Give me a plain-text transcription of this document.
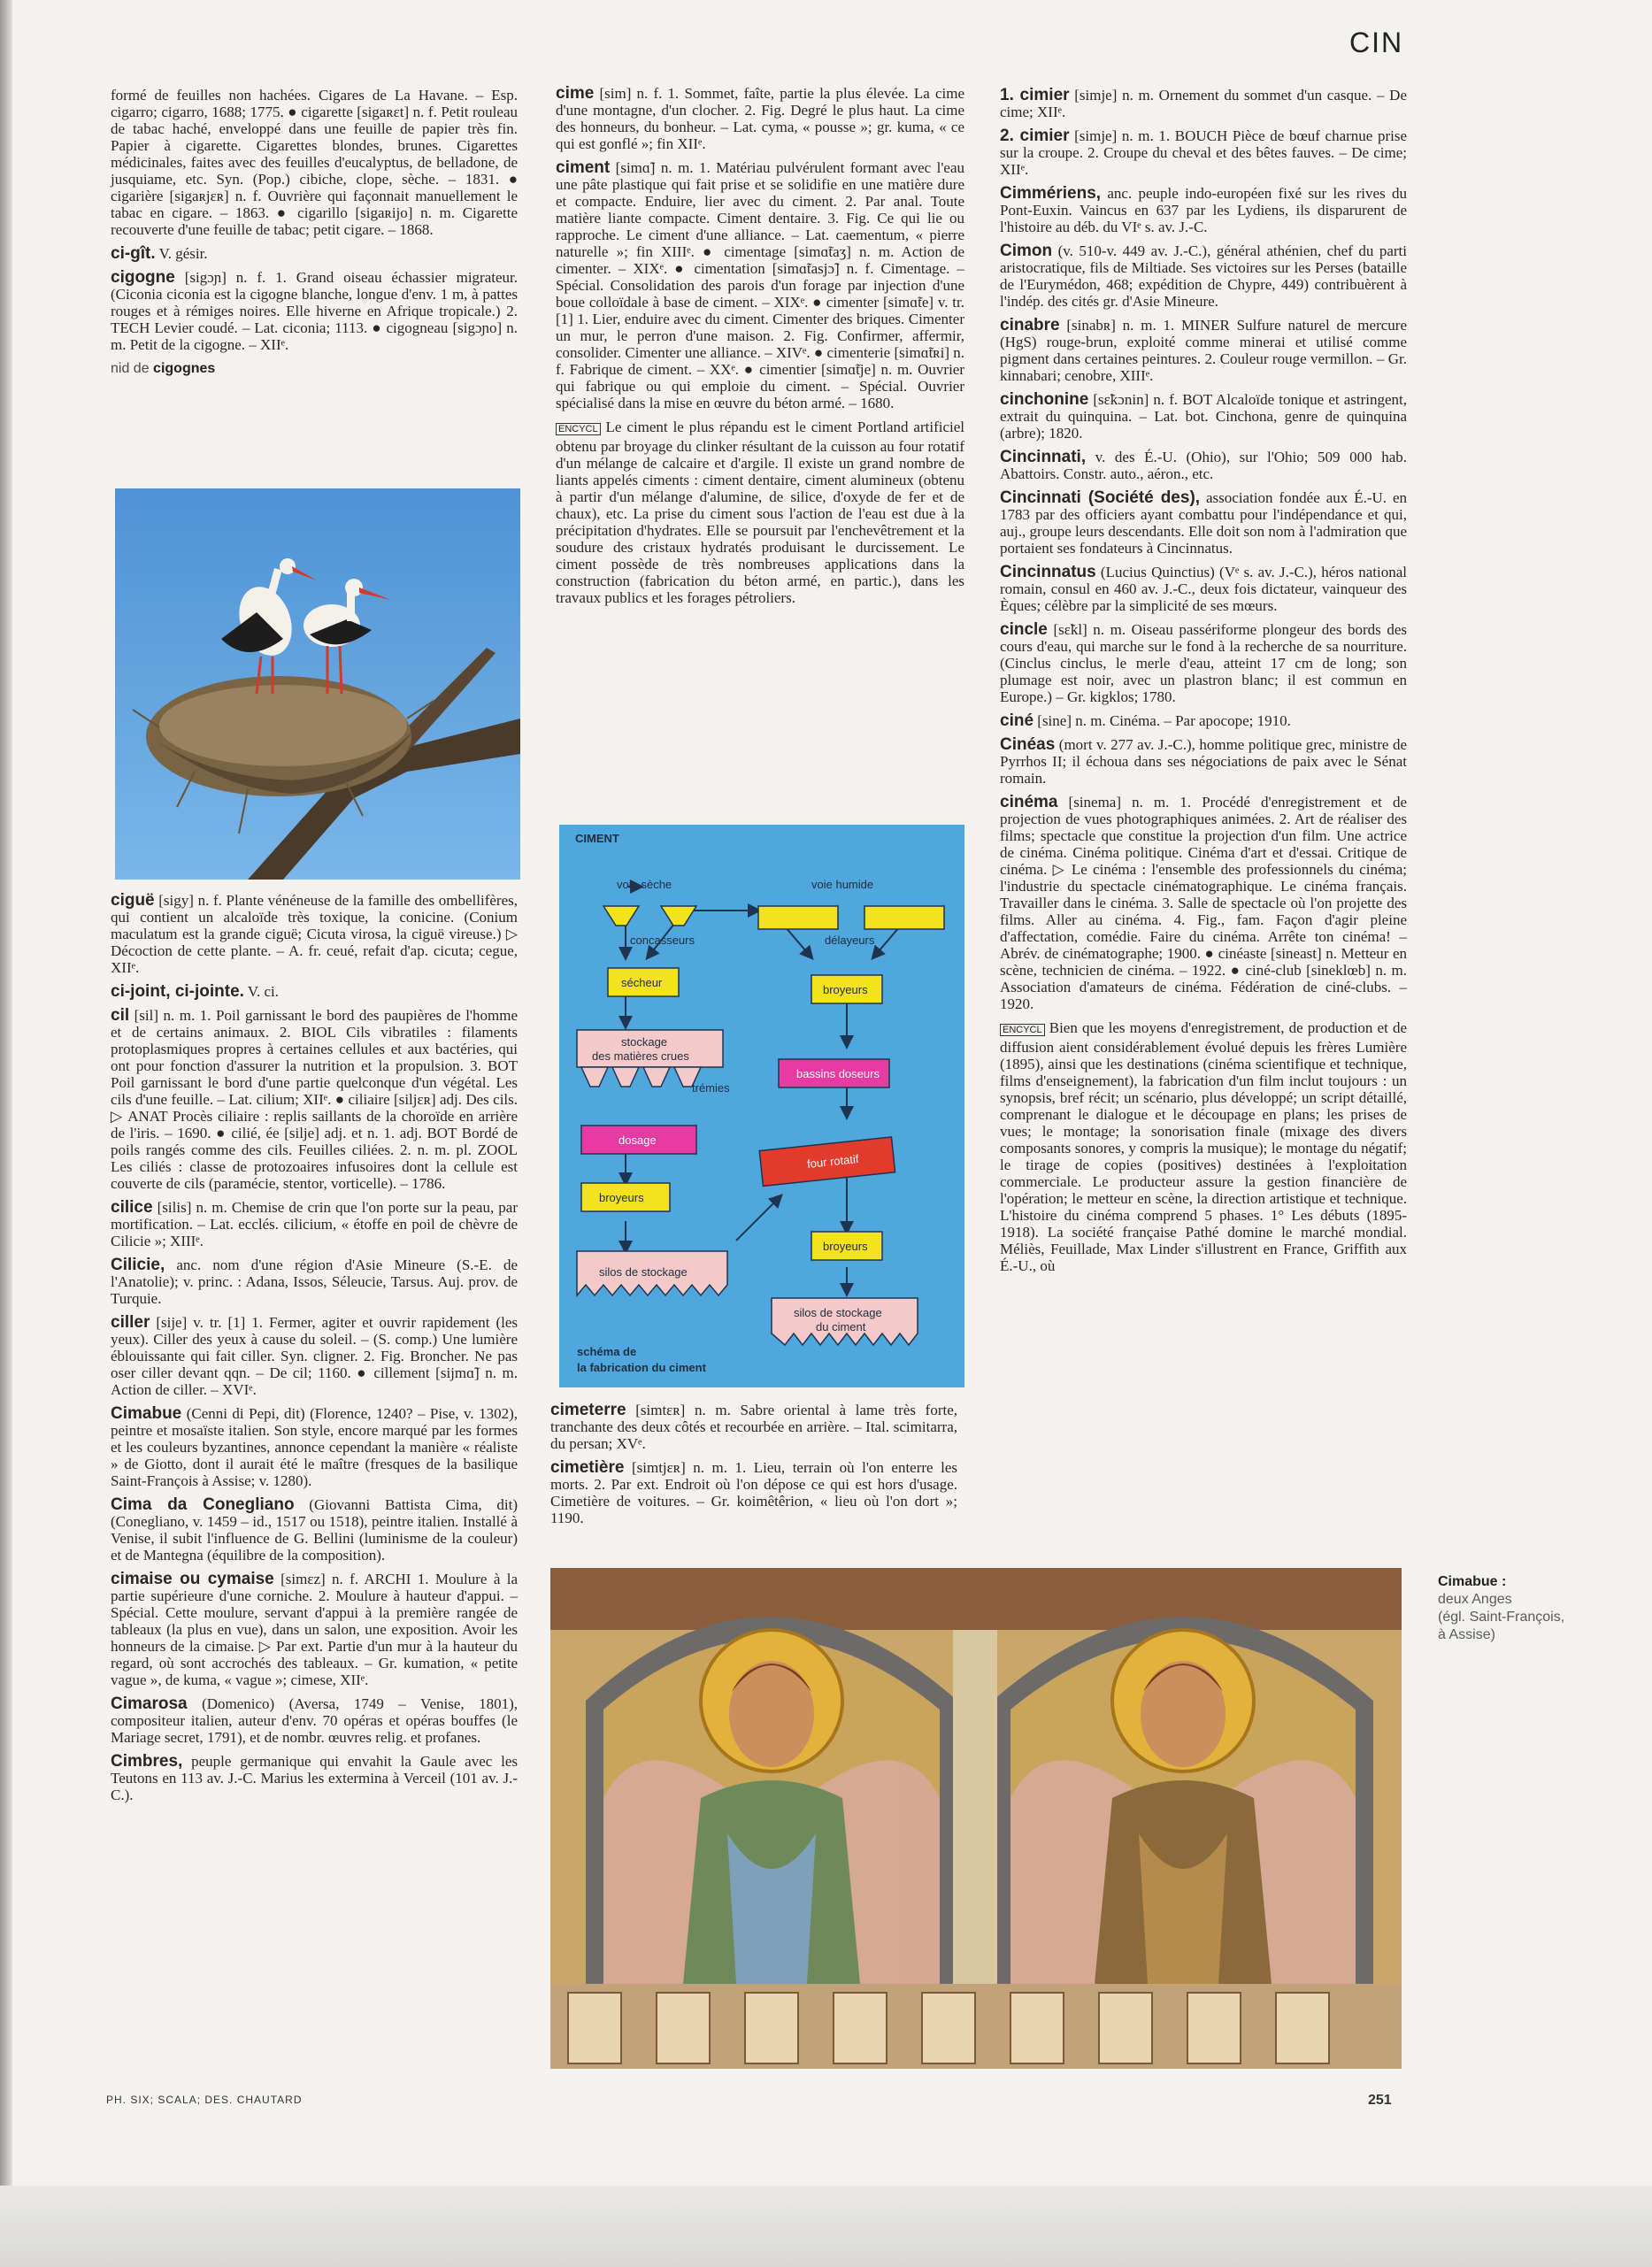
CIN

formé de feuilles non hachées. Cigares de La Havane. – Esp. cigarro; cigarro, 1688; 1775. ● cigarette [sigaʀɛt] n. f. Petit rouleau de tabac haché, enveloppé dans une feuille de papier très fin. Papier à cigarette. Cigarettes blondes, brunes. Cigarettes médicinales, faites avec des feuilles d'eucalyptus, de belladone, de jusquiame, etc. Syn. (Pop.) cibiche, clope, sèche. – 1831. ● cigarière [sigaʀjɛʀ] n. f. Ouvrière qui façonnait manuellement le tabac en cigare. – 1863. ● cigarillo [sigaʀijo] n. m. Cigarette recouverte d'une feuille de tabac; petit cigare. – 1868.

ci-gît. V. gésir.

cigogne [sigɔɲ] n. f. 1. Grand oiseau échassier migrateur. (Ciconia ciconia est la cigogne blanche, longue d'env. 1 m, à pattes rouges et à rémiges noires. Elle hiverne en Afrique tropicale.) 2. TECH Levier coudé. – Lat. ciconia; 1113. ● cigogneau [sigɔɲo] n. m. Petit de la cigogne. – XIIᵉ.

nid de cigognes

ciguë [sigy] n. f. Plante vénéneuse de la famille des ombellifères, qui contient un alcaloïde très toxique, la conicine. (Conium maculatum est la grande ciguë; Cicuta virosa, la ciguë vireuse.) ▷ Décoction de cette plante. – A. fr. ceué, refait d'ap. cicuta; cegue, XIIᵉ.

ci-joint, ci-jointe. V. ci.

cil [sil] n. m. 1. Poil garnissant le bord des paupières de l'homme et de certains animaux. 2. BIOL Cils vibratiles : filaments protoplasmiques propres à certaines cellules et aux bactéries, qui ont pour fonction d'assurer la nutrition et la propulsion. 3. BOT Poil garnissant le bord d'une partie quelconque d'un végétal. Les cils d'une feuille. – Lat. cilium; XIIᵉ. ● ciliaire [siljɛʀ] adj. Des cils. ▷ ANAT Procès ciliaire : replis saillants de la choroïde en arrière de l'iris. – 1690. ● cilié, ée [silje] adj. et n. 1. adj. BOT Bordé de poils rangés comme des cils. Feuilles ciliées. 2. n. m. pl. ZOOL Les ciliés : classe de protozoaires infusoires dont la cellule est couverte de cils (paramécie, stentor, vorticelle). – 1786.

cilice [silis] n. m. Chemise de crin que l'on porte sur la peau, par mortification. – Lat. ecclés. cilicium, « étoffe en poil de chèvre de Cilicie »; XIIIᵉ.

Cilicie, anc. nom d'une région d'Asie Mineure (S.-E. de l'Anatolie); v. princ. : Adana, Issos, Séleucie, Tarsus. Auj. prov. de Turquie.

ciller [sije] v. tr. [1] 1. Fermer, agiter et ouvrir rapidement (les yeux). Ciller des yeux à cause du soleil. – (S. comp.) Une lumière éblouissante qui fait ciller. Syn. cligner. 2. Fig. Broncher. Ne pas oser ciller devant qqn. – De cil; 1160. ● cillement [sijmɑ̃] n. m. Action de ciller. – XVIᵉ.

Cimabue (Cenni di Pepi, dit) (Florence, 1240? – Pise, v. 1302), peintre et mosaïste italien. Son style, encore marqué par les formes et les couleurs byzantines, annonce cependant la manière « réaliste » de Giotto, dont il aurait été le maître (fresques de la basilique Saint-François à Assise; v. 1280).

Cima da Conegliano (Giovanni Battista Cima, dit) (Conegliano, v. 1459 – id., 1517 ou 1518), peintre italien. Installé à Venise, il subit l'influence de G. Bellini (luminisme de la couleur) et de Mantegna (équilibre de la composition).

cimaise ou cymaise [simɛz] n. f. ARCHI 1. Moulure à la partie supérieure d'une corniche. 2. Moulure à hauteur d'appui. – Spécial. Cette moulure, servant d'appui à la première rangée de tableaux (la plus en vue), dans un salon, une exposition. Avoir les honneurs de la cimaise. ▷ Par ext. Partie d'un mur à la hauteur du regard, où sont accrochés des tableaux. – Gr. kumation, « petite vague », de kuma, « vague »; cimese, XIIᵉ.

Cimarosa (Domenico) (Aversa, 1749 – Venise, 1801), compositeur italien, auteur d'env. 70 opéras et opéras bouffes (le Mariage secret, 1791), et de nombr. œuvres relig. et profanes.

Cimbres, peuple germanique qui envahit la Gaule avec les Teutons en 113 av. J.-C. Marius les extermina à Verceil (101 av. J.-C.).

cime [sim] n. f. 1. Sommet, faîte, partie la plus élevée. La cime d'une montagne, d'un clocher. 2. Fig. Degré le plus haut. La cime des honneurs, du bonheur. – Lat. cyma, « pousse »; gr. kuma, « ce qui est gonflé »; fin XIIᵉ.

ciment [simɑ̃] n. m. 1. Matériau pulvérulent formant avec l'eau une pâte plastique qui fait prise et se solidifie en une matière dure et compacte. Enduire, lier avec du ciment. 2. Par anal. Toute matière liante compacte. Ciment dentaire. 3. Fig. Ce qui lie ou rapproche. Le ciment d'une alliance. – Lat. caementum, « pierre naturelle »; fin XIIIᵉ. ● cimentage [simɑ̃taʒ] n. m. Action de cimenter. – XIXᵉ. ● cimentation [simɑ̃tasjɔ̃] n. f. Cimentage. – Spécial. Consolidation des parois d'un forage par injection d'une boue colloïdale à base de ciment. – XIXᵉ. ● cimenter [simɑ̃te] v. tr. [1] 1. Lier, enduire avec du ciment. Cimenter des briques. Cimenter un mur, le perron d'une maison. 2. Fig. Confirmer, affermir, consolider. Cimenter une alliance. – XIVᵉ. ● cimenterie [simɑ̃tʀi] n. f. Fabrique de ciment. – XXᵉ. ● cimentier [simɑ̃tje] n. m. Ouvrier qui fabrique ou qui emploie du ciment. – Spécial. Ouvrier spécialisé dans la mise en œuvre du béton armé. – 1680.

ENCYCL Le ciment le plus répandu est le ciment Portland artificiel obtenu par broyage du clinker résultant de la cuisson au four rotatif d'un mélange de calcaire et d'argile. Il existe un grand nombre de liants appelés ciments : ciment dentaire, ciment alumineux (obtenu à partir d'un mélange d'alumine, de silice, d'oxyde de fer et de chaux), etc. La prise du ciment sous l'action de l'eau est due à la précipitation d'hydrates. Elle se poursuit par l'enchevêtrement et la soudure des cristaux hydratés produisant le durcissement. Le ciment possède de très nombreuses applications dans la construction (fabrication du béton armé, en partic.), dans les travaux publics et les forages pétroliers.

CIMENT
voie sèche	voie humide
concasseurs	délayeurs
sécheur
broyeurs
stockage
des matières crues
trémies
bassins doseurs
dosage
four rotatif
broyeurs
broyeurs
silos de stockage
silos de stockage
du ciment
schéma de
la fabrication du ciment

cimeterre [simtɛʀ] n. m. Sabre oriental à lame très forte, tranchante des deux côtés et recourbée en arrière. – Ital. scimitarra, du persan; XVᵉ.

cimetière [simtjɛʀ] n. m. 1. Lieu, terrain où l'on enterre les morts. 2. Par ext. Endroit où l'on dépose ce qui est hors d'usage. Cimetière de voitures. – Gr. koimêtêrion, « lieu où l'on dort »; 1190.

1. cimier [simje] n. m. Ornement du sommet d'un casque. – De cime; XIIᵉ.

2. cimier [simje] n. m. 1. BOUCH Pièce de bœuf charnue prise sur la croupe. 2. Croupe du cheval et des bêtes fauves. – De cime; XIIᵉ.

Cimmériens, anc. peuple indo-européen fixé sur les rives du Pont-Euxin. Vaincus en 637 par les Lydiens, ils disparurent de l'histoire au déb. du VIᵉ s. av. J.-C.

Cimon (v. 510-v. 449 av. J.-C.), général athénien, chef du parti aristocratique, fils de Miltiade. Ses victoires sur les Perses (bataille de l'Eurymédon, 468; expédition de Chypre, 449) contribuèrent à l'indép. des cités gr. d'Asie Mineure.

cinabre [sinabʀ] n. m. 1. MINER Sulfure naturel de mercure (HgS) rouge-brun, exploité comme minerai et utilisé comme pigment dans certaines peintures. 2. Couleur rouge vermillon. – Gr. kinnabari; cenobre, XIIIᵉ.

cinchonine [sɛ̃kɔnin] n. f. BOT Alcaloïde tonique et astringent, extrait du quinquina. – Lat. bot. Cinchona, genre de quinquina (arbre); 1820.

Cincinnati, v. des É.-U. (Ohio), sur l'Ohio; 509 000 hab. Abattoirs. Constr. auto., aéron., etc.

Cincinnati (Société des), association fondée aux É.-U. en 1783 par des officiers ayant combattu pour l'indépendance et qui, auj., groupe leurs descendants. Elle doit son nom à l'admiration que portaient ses fondateurs à Cincinnatus.

Cincinnatus (Lucius Quinctius) (Vᵉ s. av. J.-C.), héros national romain, consul en 460 av. J.-C., deux fois dictateur, vainqueur des Èques; célèbre par la simplicité de ses mœurs.

cincle [sɛ̃kl] n. m. Oiseau passériforme plongeur des bords des cours d'eau, qui marche sur le fond à la recherche de sa nourriture. (Cinclus cinclus, le merle d'eau, atteint 17 cm de long; son plumage est noir, avec un plastron blanc; il est commun en Europe.) – Gr. kigklos; 1780.

ciné [sine] n. m. Cinéma. – Par apocope; 1910.

Cinéas (mort v. 277 av. J.-C.), homme politique grec, ministre de Pyrrhos II; il échoua dans ses négociations de paix avec le Sénat romain.

cinéma [sinema] n. m. 1. Procédé d'enregistrement et de projection de vues photographiques animées. 2. Art de réaliser des films; spectacle que constitue la projection d'un film. Une actrice de cinéma. Cinéma politique. Cinéma d'art et d'essai. Critique de cinéma. ▷ Le cinéma : l'ensemble des professionnels du cinéma; l'industrie du spectacle cinématographique. Le cinéma français. Travailler dans le cinéma. 3. Salle de spectacle où l'on projette des films. Aller au cinéma. 4. Fig., fam. Façon d'agir pleine d'affectation, comédie. Faire du cinéma. Arrête ton cinéma! – Abrév. de cinématographe; 1900. ● cinéaste [sineast] n. Metteur en scène, technicien de cinéma. – 1922. ● ciné-club [sineklœb] n. m. Association d'amateurs de cinéma. Fédération de ciné-clubs. – 1920.

ENCYCL Bien que les moyens d'enregistrement, de production et de diffusion aient considérablement évolué depuis les frères Lumière (1895), ainsi que les destinations (cinéma scientifique et technique, films d'enseignement), la fabrication d'un film inclut toujours : un synopsis, bref récit; un scénario, plus développé; un script détaillé, comprenant le dialogue et le découpage en plans; les prises de vues; le montage; la sonorisation finale (mixage des divers composants sonores, y compris la musique); le montage du négatif; le tirage de copies (positives) destinées à l'exploitation commerciale. Le producteur assure la gestion financière de l'opération; le metteur en scène, la direction artistique et technique. L'histoire du cinéma comprend 5 phases. 1° Les débuts (1895-1918). La société française Pathé domine le marché mondial. Méliès, Feuillade, Max Linder s'illustrent en France, Griffith aux É.-U., où

Cimabue :
deux Anges
(égl. Saint-François,
à Assise)
PH. SIX; SCALA; DES. CHAUTARD	251
